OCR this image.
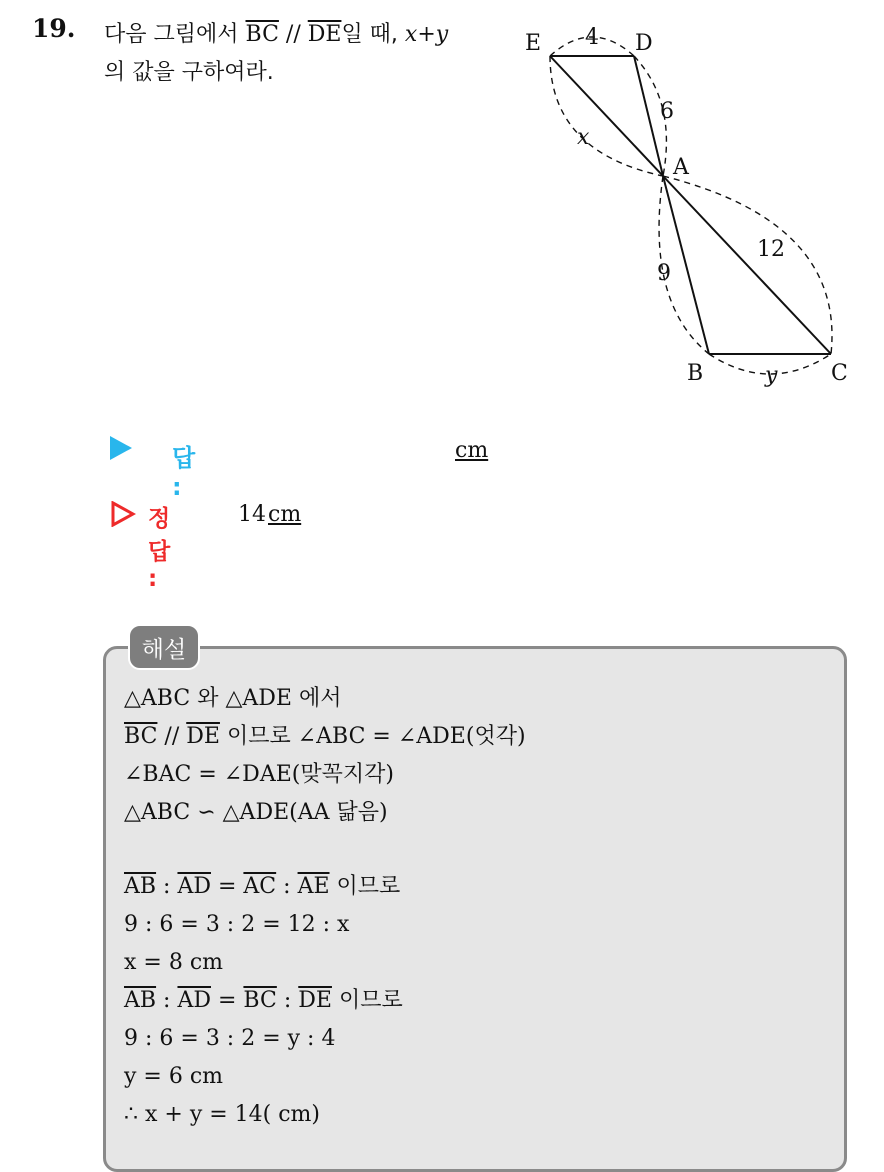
19. 다음 그림에서 $\overline{BC} // \overline{DE}$일 때, x+y
의 값을 구하여라.
E	D
A
B	C
4
6
x
9
12
y
답 :
cm
정답 :
14cm
해설
△ABC 와 △ADE 에서
$\overline{BC} // \overline{DE}$ 이므로 ∠ABC = ∠ADE(엇각)
∠BAC = ∠DAE(맞꼭지각)
△ABC ∽ △ADE(AA 닮음)
$\overline{AB}$ : $\overline{AD} = \overline{AC}$ : $\overline{AE}$ 이므로
9 : 6 = 3 : 2 = 12 : x
x = 8 cm
$\overline{AB}$ : $\overline{AD} = \overline{BC}$ : $\overline{DE}$ 이므로
9 : 6 = 3 : 2 = y : 4
y = 6 cm
∴ x + y = 14( cm)
